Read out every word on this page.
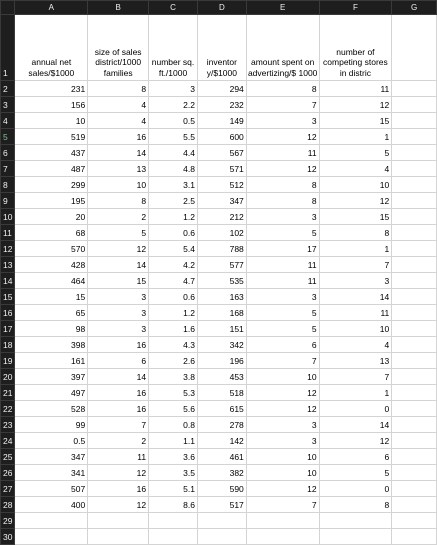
	A	B	C	D	E	F	G
1	annual net sales/$1000	size of sales district/1000 families	number sq. ft./1000	inventor y/$1000	amount spent on advertizing/$ 1000	number of competing stores in distric	
2	231	8	3	294	8	11	
3	156	4	2.2	232	7	12	
4	10	4	0.5	149	3	15	
5	519	16	5.5	600	12	1	
6	437	14	4.4	567	11	5	
7	487	13	4.8	571	12	4	
8	299	10	3.1	512	8	10	
9	195	8	2.5	347	8	12	
10	20	2	1.2	212	3	15	
11	68	5	0.6	102	5	8	
12	570	12	5.4	788	17	1	
13	428	14	4.2	577	11	7	
14	464	15	4.7	535	11	3	
15	15	3	0.6	163	3	14	
16	65	3	1.2	168	5	11	
17	98	3	1.6	151	5	10	
18	398	16	4.3	342	6	4	
19	161	6	2.6	196	7	13	
20	397	14	3.8	453	10	7	
21	497	16	5.3	518	12	1	
22	528	16	5.6	615	12	0	
23	99	7	0.8	278	3	14	
24	0.5	2	1.1	142	3	12	
25	347	11	3.6	461	10	6	
26	341	12	3.5	382	10	5	
27	507	16	5.1	590	12	0	
28	400	12	8.6	517	7	8	
29							
30							
